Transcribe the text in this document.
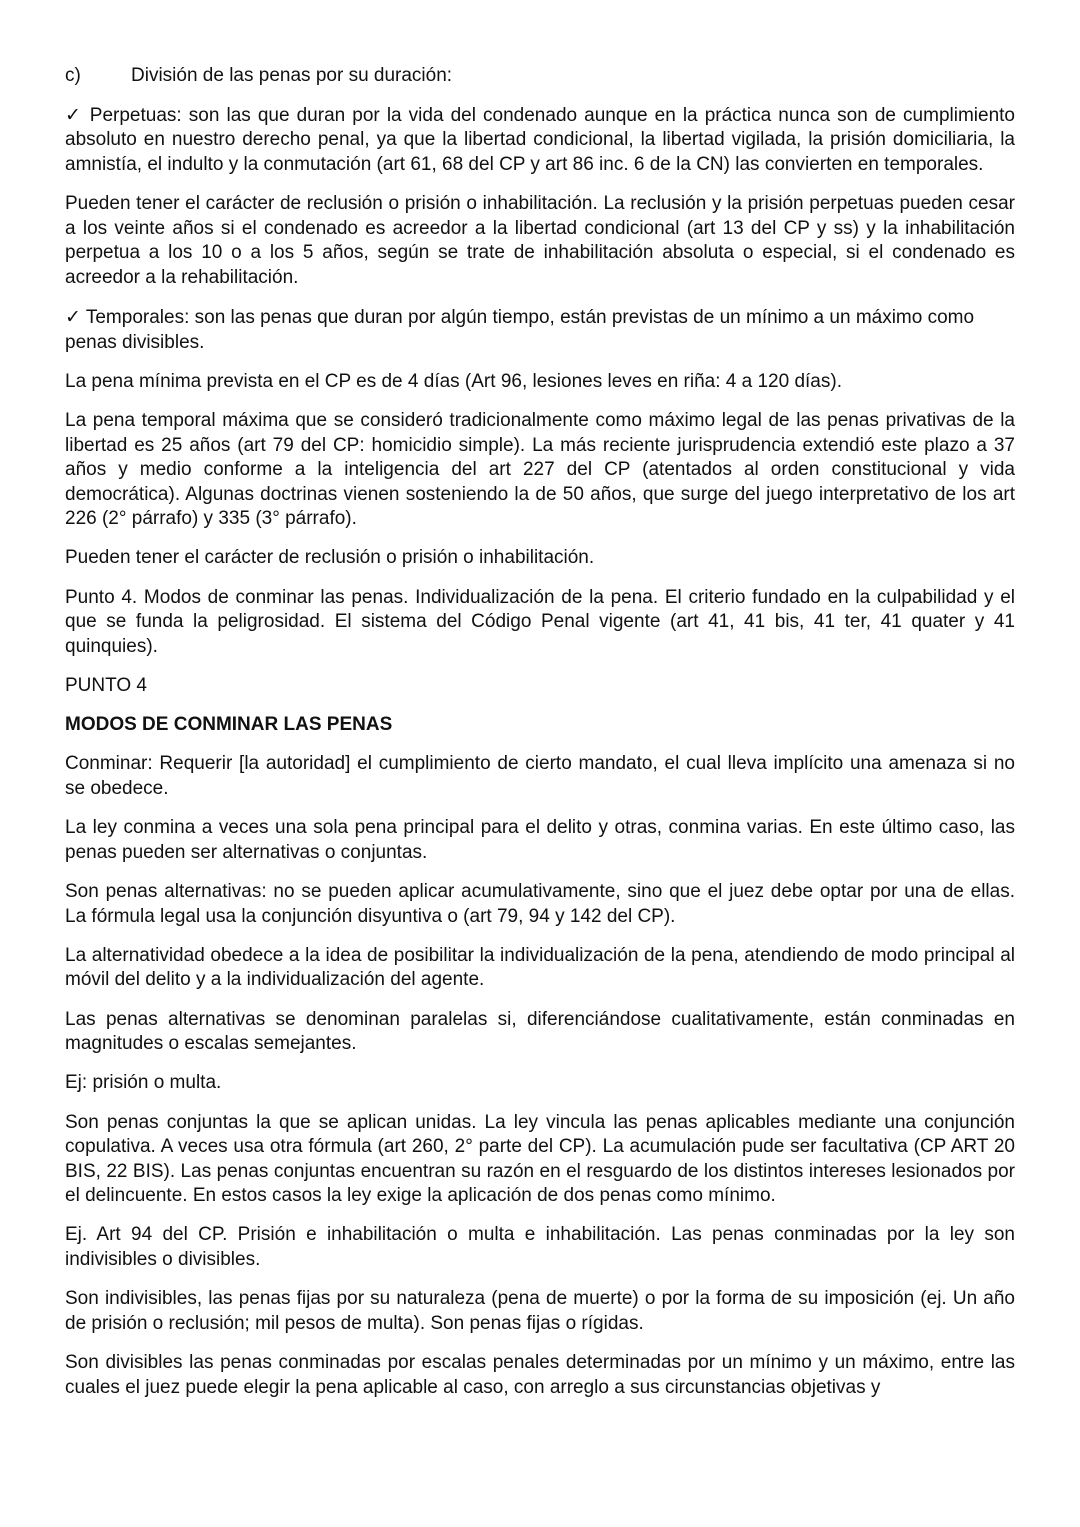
c)	División de las penas por su duración:

✓ Perpetuas: son las que duran por la vida del condenado aunque en la práctica nunca son de cumplimiento absoluto en nuestro derecho penal, ya que la libertad condicional, la libertad vigilada, la prisión domiciliaria, la amnistía, el indulto y la conmutación (art 61, 68 del CP y art 86 inc. 6 de la CN) las convierten en temporales.

Pueden tener el carácter de reclusión o prisión o inhabilitación. La reclusión y la prisión perpetuas pueden cesar a los veinte años si el condenado es acreedor a la libertad condicional (art 13 del CP y ss) y la inhabilitación perpetua a los 10 o a los 5 años, según se trate de inhabilitación absoluta o especial, si el condenado es acreedor a la rehabilitación.

✓ Temporales: son las penas que duran por algún tiempo, están previstas de un mínimo a un máximo como penas divisibles.

La pena mínima prevista en el CP es de 4 días (Art 96, lesiones leves en riña: 4 a 120 días).

La pena temporal máxima que se consideró tradicionalmente como máximo legal de las penas privativas de la libertad es 25 años (art 79 del CP: homicidio simple). La más reciente jurisprudencia extendió este plazo a 37 años y medio conforme a la inteligencia del art 227 del CP (atentados al orden constitucional y vida democrática). Algunas doctrinas vienen sosteniendo la de 50 años, que surge del juego interpretativo de los art 226 (2° párrafo) y 335 (3° párrafo).

Pueden tener el carácter de reclusión o prisión o inhabilitación.

Punto 4. Modos de conminar las penas. Individualización de la pena. El criterio fundado en la culpabilidad y el que se funda la peligrosidad. El sistema del Código Penal vigente (art 41, 41 bis, 41 ter, 41 quater y 41 quinquies).

PUNTO 4

MODOS DE CONMINAR LAS PENAS

Conminar: Requerir [la autoridad] el cumplimiento de cierto mandato, el cual lleva implícito una amenaza si no se obedece.

La ley conmina a veces una sola pena principal para el delito y otras, conmina varias. En este último caso, las penas pueden ser alternativas o conjuntas.

Son penas alternativas: no se pueden aplicar acumulativamente, sino que el juez debe optar por una de ellas. La fórmula legal usa la conjunción disyuntiva o (art 79, 94 y 142 del CP).

La alternatividad obedece a la idea de posibilitar la individualización de la pena, atendiendo de modo principal al móvil del delito y a la individualización del agente.

Las penas alternativas se denominan paralelas si, diferenciándose cualitativamente, están conminadas en magnitudes o escalas semejantes.

Ej: prisión o multa.

Son penas conjuntas la que se aplican unidas. La ley vincula las penas aplicables mediante una conjunción copulativa. A veces usa otra fórmula (art 260, 2° parte del CP). La acumulación pude ser facultativa (CP ART 20 BIS, 22 BIS). Las penas conjuntas encuentran su razón en el resguardo de los distintos intereses lesionados por el delincuente. En estos casos la ley exige la aplicación de dos penas como mínimo.

Ej. Art 94 del CP. Prisión e inhabilitación o multa e inhabilitación. Las penas conminadas por la ley son indivisibles o divisibles.

Son indivisibles, las penas fijas por su naturaleza (pena de muerte) o por la forma de su imposición (ej. Un año de prisión o reclusión; mil pesos de multa). Son penas fijas o rígidas.

Son divisibles las penas conminadas por escalas penales determinadas por un mínimo y un máximo, entre las cuales el juez puede elegir la pena aplicable al caso, con arreglo a sus circunstancias objetivas y
